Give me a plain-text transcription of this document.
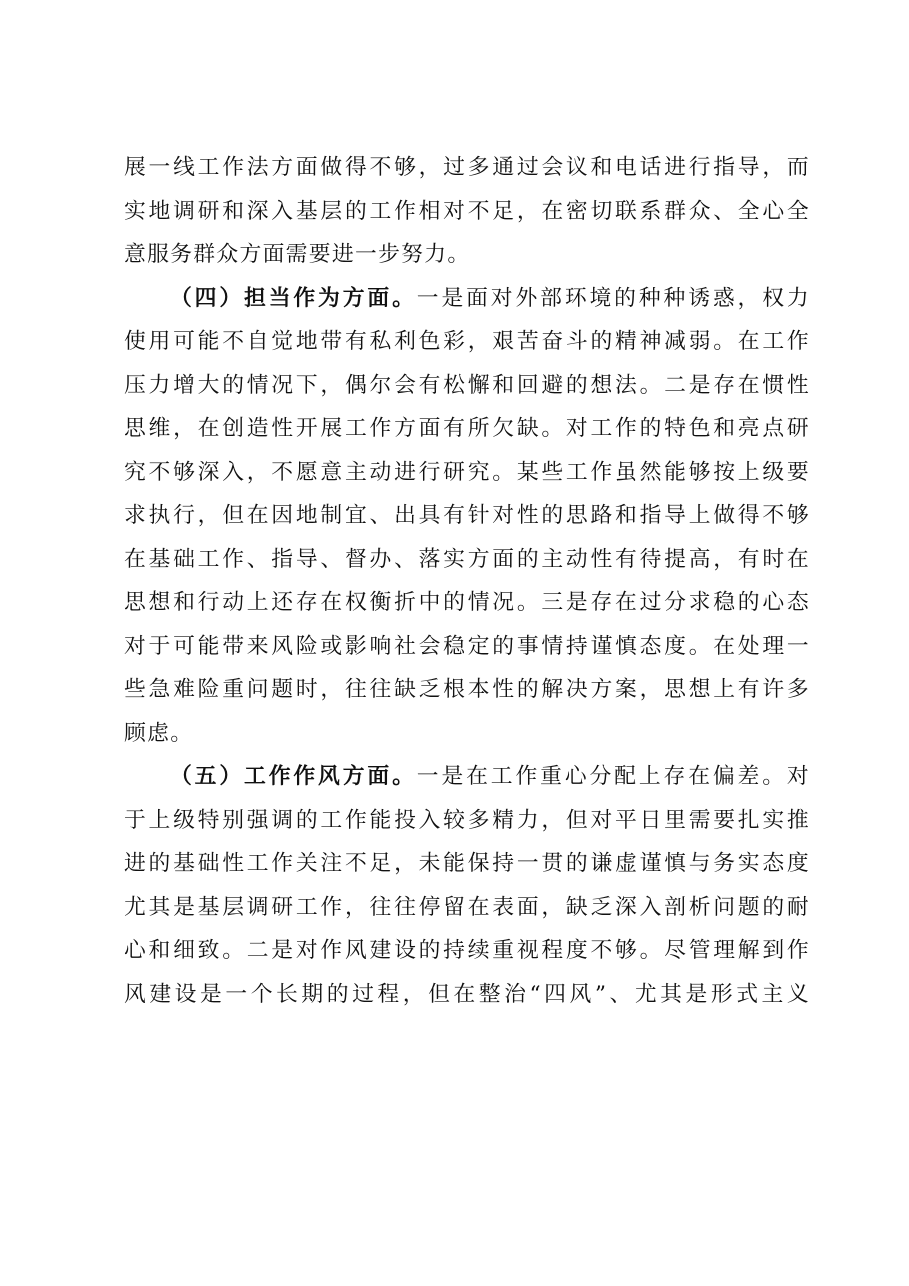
展一线工作法方面做得不够，过多通过会议和电话进行指导，而
实地调研和深入基层的工作相对不足，在密切联系群众、全心全
意服务群众方面需要进一步努力。
（四）担当作为方面。一是面对外部环境的种种诱惑，权力
使用可能不自觉地带有私利色彩，艰苦奋斗的精神减弱。在工作
压力增大的情况下，偶尔会有松懈和回避的想法。二是存在惯性
思维，在创造性开展工作方面有所欠缺。对工作的特色和亮点研
究不够深入，不愿意主动进行研究。某些工作虽然能够按上级要
求执行，但在因地制宜、出具有针对性的思路和指导上做得不够
在基础工作、指导、督办、落实方面的主动性有待提高，有时在
思想和行动上还存在权衡折中的情况。三是存在过分求稳的心态
对于可能带来风险或影响社会稳定的事情持谨慎态度。在处理一
些急难险重问题时，往往缺乏根本性的解决方案，思想上有许多
顾虑。
（五）工作作风方面。一是在工作重心分配上存在偏差。对
于上级特别强调的工作能投入较多精力，但对平日里需要扎实推
进的基础性工作关注不足，未能保持一贯的谦虚谨慎与务实态度
尤其是基层调研工作，往往停留在表面，缺乏深入剖析问题的耐
心和细致。二是对作风建设的持续重视程度不够。尽管理解到作
风建设是一个长期的过程，但在整治“四风”、尤其是形式主义
